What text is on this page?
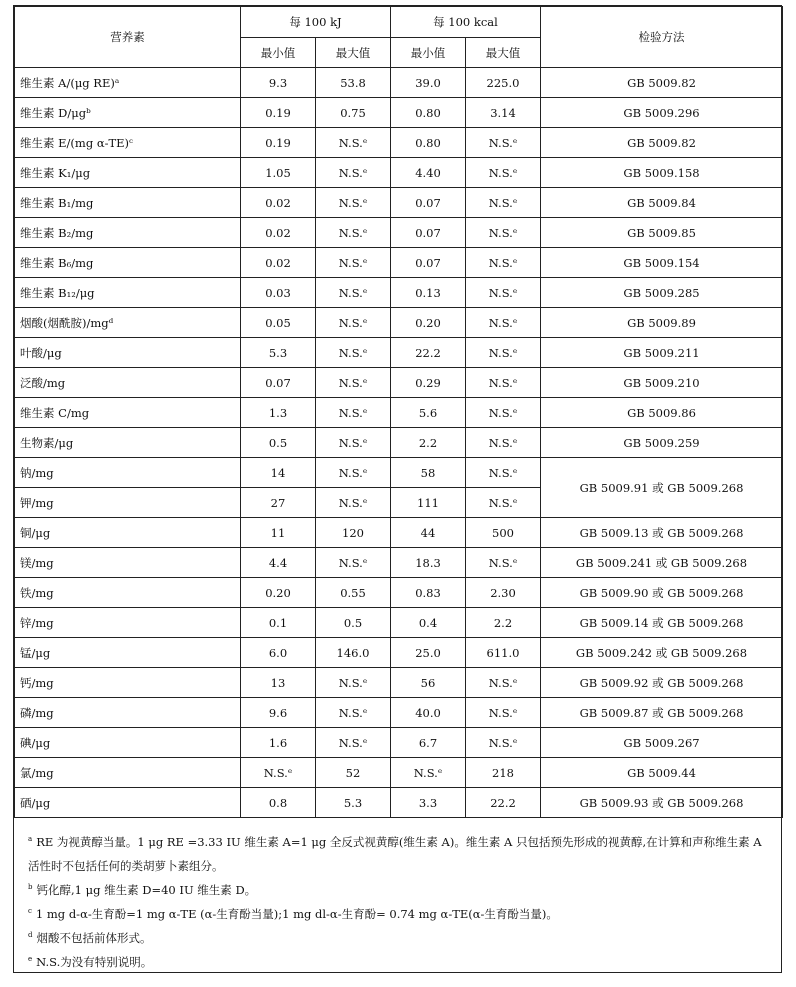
营养素	每 100 kJ		每 100 kcal		检验方法
	最小值	最大值	最小值	最大值	
维生素 A/(μg RE)ᵃ	9.3	53.8	39.0	225.0	GB 5009.82
维生素 D/μgᵇ	0.19	0.75	0.80	3.14	GB 5009.296
维生素 E/(mg α-TE)ᶜ	0.19	N.S.ᵉ	0.80	N.S.ᵉ	GB 5009.82
维生素 K₁/μg	1.05	N.S.ᵉ	4.40	N.S.ᵉ	GB 5009.158
维生素 B₁/mg	0.02	N.S.ᵉ	0.07	N.S.ᵉ	GB 5009.84
维生素 B₂/mg	0.02	N.S.ᵉ	0.07	N.S.ᵉ	GB 5009.85
维生素 B₆/mg	0.02	N.S.ᵉ	0.07	N.S.ᵉ	GB 5009.154
维生素 B₁₂/μg	0.03	N.S.ᵉ	0.13	N.S.ᵉ	GB 5009.285
烟酸(烟酰胺)/mgᵈ	0.05	N.S.ᵉ	0.20	N.S.ᵉ	GB 5009.89
叶酸/μg	5.3	N.S.ᵉ	22.2	N.S.ᵉ	GB 5009.211
泛酸/mg	0.07	N.S.ᵉ	0.29	N.S.ᵉ	GB 5009.210
维生素 C/mg	1.3	N.S.ᵉ	5.6	N.S.ᵉ	GB 5009.86
生物素/μg	0.5	N.S.ᵉ	2.2	N.S.ᵉ	GB 5009.259
钠/mg	14	N.S.ᵉ	58	N.S.ᵉ	GB 5009.91 或 GB 5009.268
钾/mg	27	N.S.ᵉ	111	N.S.ᵉ	
铜/μg	11	120	44	500	GB 5009.13 或 GB 5009.268
镁/mg	4.4	N.S.ᵉ	18.3	N.S.ᵉ	GB 5009.241 或 GB 5009.268
铁/mg	0.20	0.55	0.83	2.30	GB 5009.90 或 GB 5009.268
锌/mg	0.1	0.5	0.4	2.2	GB 5009.14 或 GB 5009.268
锰/μg	6.0	146.0	25.0	611.0	GB 5009.242 或 GB 5009.268
钙/mg	13	N.S.ᵉ	56	N.S.ᵉ	GB 5009.92 或 GB 5009.268
磷/mg	9.6	N.S.ᵉ	40.0	N.S.ᵉ	GB 5009.87 或 GB 5009.268
碘/μg	1.6	N.S.ᵉ	6.7	N.S.ᵉ	GB 5009.267
氯/mg	N.S.ᵉ	52	N.S.ᵉ	218	GB 5009.44
硒/μg	0.8	5.3	3.3	22.2	GB 5009.93 或 GB 5009.268

$^a$ RE 为视黄醇当量。1 μg RE =3.33 IU 维生素 A=1 μg 全反式视黄醇(维生素 A)。维生素 A 只包括预先形成的视黄醇,在计算和声称维生素 A 活性时不包括任何的类胡萝卜素组分。

$^b$ 钙化醇,1 μg 维生素 D=40 IU 维生素 D。

$^c$ 1 mg d-α-生育酚=1 mg α-TE (α-生育酚当量);1 mg dl-α-生育酚= 0.74 mg α-TE(α-生育酚当量)。

$^d$ 烟酸不包括前体形式。

$^e$ N.S.为没有特别说明。
